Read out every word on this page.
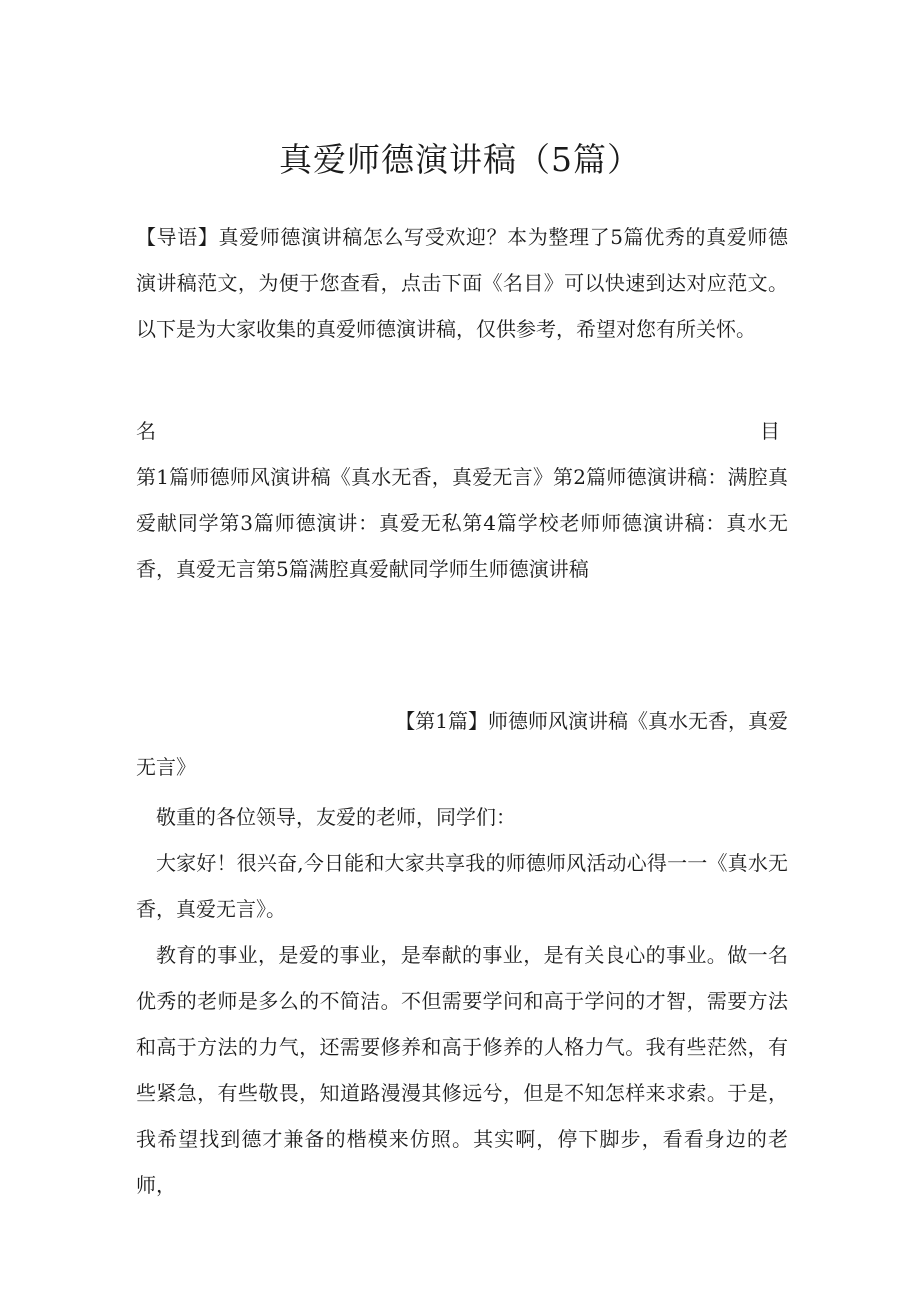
真爱师德演讲稿（5篇）
【导语】真爱师德演讲稿怎么写受欢迎？本为整理了5篇优秀的真爱师德演讲稿范文，为便于您查看，点击下面《名目》可以快速到达对应范文。以下是为大家收集的真爱师德演讲稿，仅供参考，希望对您有所关怀。
名	目
第1篇师德师风演讲稿《真水无香，真爱无言》第2篇师德演讲稿：满腔真爱献同学第3篇师德演讲：真爱无私第4篇学校老师师德演讲稿：真水无香，真爱无言第5篇满腔真爱献同学师生师德演讲稿
【第1篇】师德师风演讲稿《真水无香，真爱
无言》

敬重的各位领导，友爱的老师，同学们：

大家好！很兴奋,今日能和大家共享我的师德师风活动心得一一《真水无香，真爱无言》。

教育的事业，是爱的事业，是奉献的事业，是有关良心的事业。做一名优秀的老师是多么的不简洁。不但需要学问和高于学问的才智，需要方法和高于方法的力气，还需要修养和高于修养的人格力气。我有些茫然，有些紧急，有些敬畏，知道路漫漫其修远兮，但是不知怎样来求索。于是，我希望找到德才兼备的楷模来仿照。其实啊，停下脚步，看看身边的老师，
